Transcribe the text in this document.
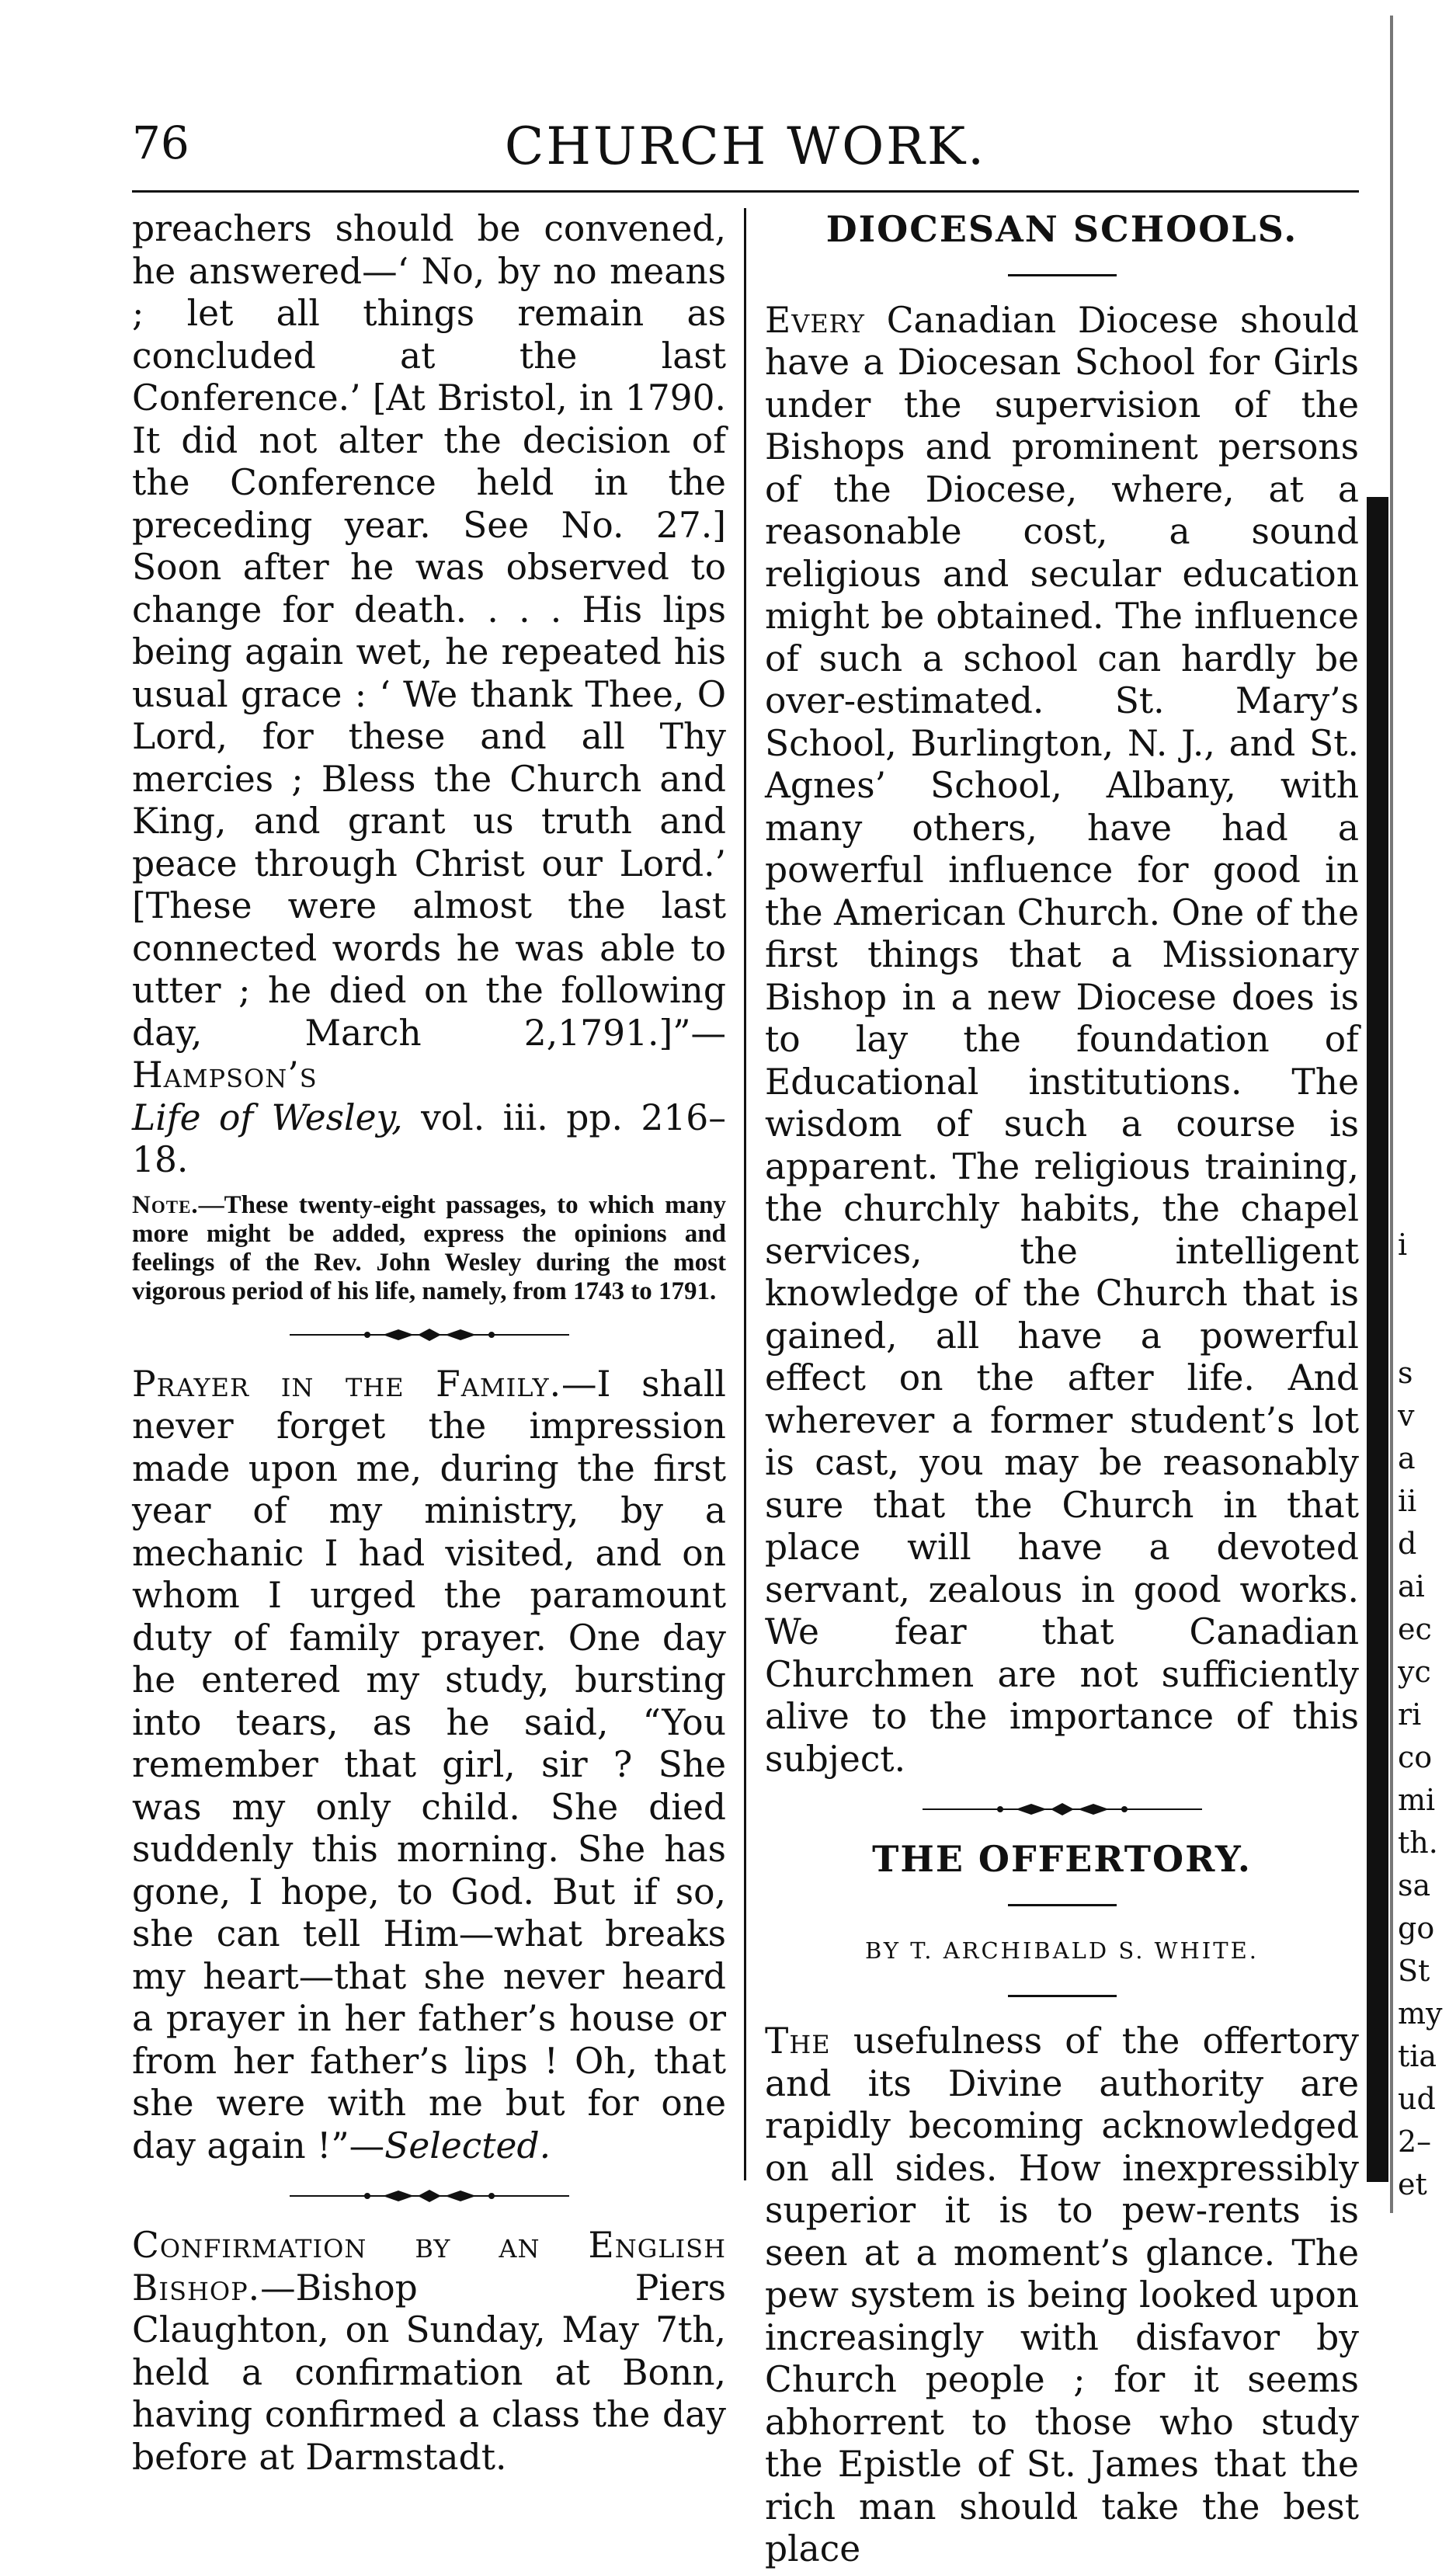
76	CHURCH WORK.

preachers should be convened, he answered—‘ No, by no means ; let all things remain as concluded at the last Conference.’ [At Bristol, in 1790. It did not alter the decision of the Conference held in the preceding year. See No. 27.] Soon after he was observed to change for death. . . . His lips being again wet, he repeated his usual grace : ‘ We thank Thee, O Lord, for these and all Thy mercies ; Bless the Church and King, and grant us truth and peace through Christ our Lord.’ [These were almost the last connected words he was able to utter ; he died on the following day, March 2,1791.]”—Hampson’s
Life of Wesley, vol. iii. pp. 216–18.

Note.—These twenty-eight passages, to which many more might be added, express the opinions and feelings of the Rev. John Wesley during the most vigorous period of his life, namely, from 1743 to 1791.

Prayer in the Family.—I shall never forget the impression made upon me, during the first year of my ministry, by a mechanic I had visited, and on whom I urged the paramount duty of family prayer. One day he entered my study, bursting into tears, as he said, “You remember that girl, sir ? She was my only child. She died suddenly this morning. She has gone, I hope, to God. But if so, she can tell Him—what breaks my heart—that she never heard a prayer in her father’s house or from her father’s lips ! Oh, that she were with me but for one day again !”—Selected.

Confirmation by an English Bishop.—Bishop Piers Claughton, on Sunday, May 7th, held a confirmation at Bonn, having confirmed a class the day before at Darmstadt.

DIOCESAN SCHOOLS.

Every Canadian Diocese should have a Diocesan School for Girls under the supervision of the Bishops and prominent persons of the Diocese, where, at a reasonable cost, a sound religious and secular education might be obtained. The influence of such a school can hardly be over-estimated. St. Mary’s School, Burlington, N. J., and St. Agnes’ School, Albany, with many others, have had a powerful influence for good in the American Church. One of the first things that a Missionary Bishop in a new Diocese does is to lay the foundation of Educational institutions. The wisdom of such a course is apparent. The religious training, the churchly habits, the chapel services, the intelligent knowledge of the Church that is gained, all have a powerful effect on the after life. And wherever a former student’s lot is cast, you may be reasonably sure that the Church in that place will have a devoted servant, zealous in good works. We fear that Canadian Churchmen are not sufficiently alive to the importance of this subject.

THE OFFERTORY.

BY T. ARCHIBALD S. WHITE.

The usefulness of the offertory and its Divine authority are rapidly becoming acknowledged on all sides. How inexpressibly superior it is to pew-rents is seen at a moment’s glance. The pew system is being looked upon increasingly with disfavor by Church people ; for it seems abhorrent to those who study the Epistle of St. James that the rich man should take the best place

i
s
v
a
ii
d
ai
ec
yc
ri
co
mi
th.
sa
go
St
my
tia
ud
2–
et
